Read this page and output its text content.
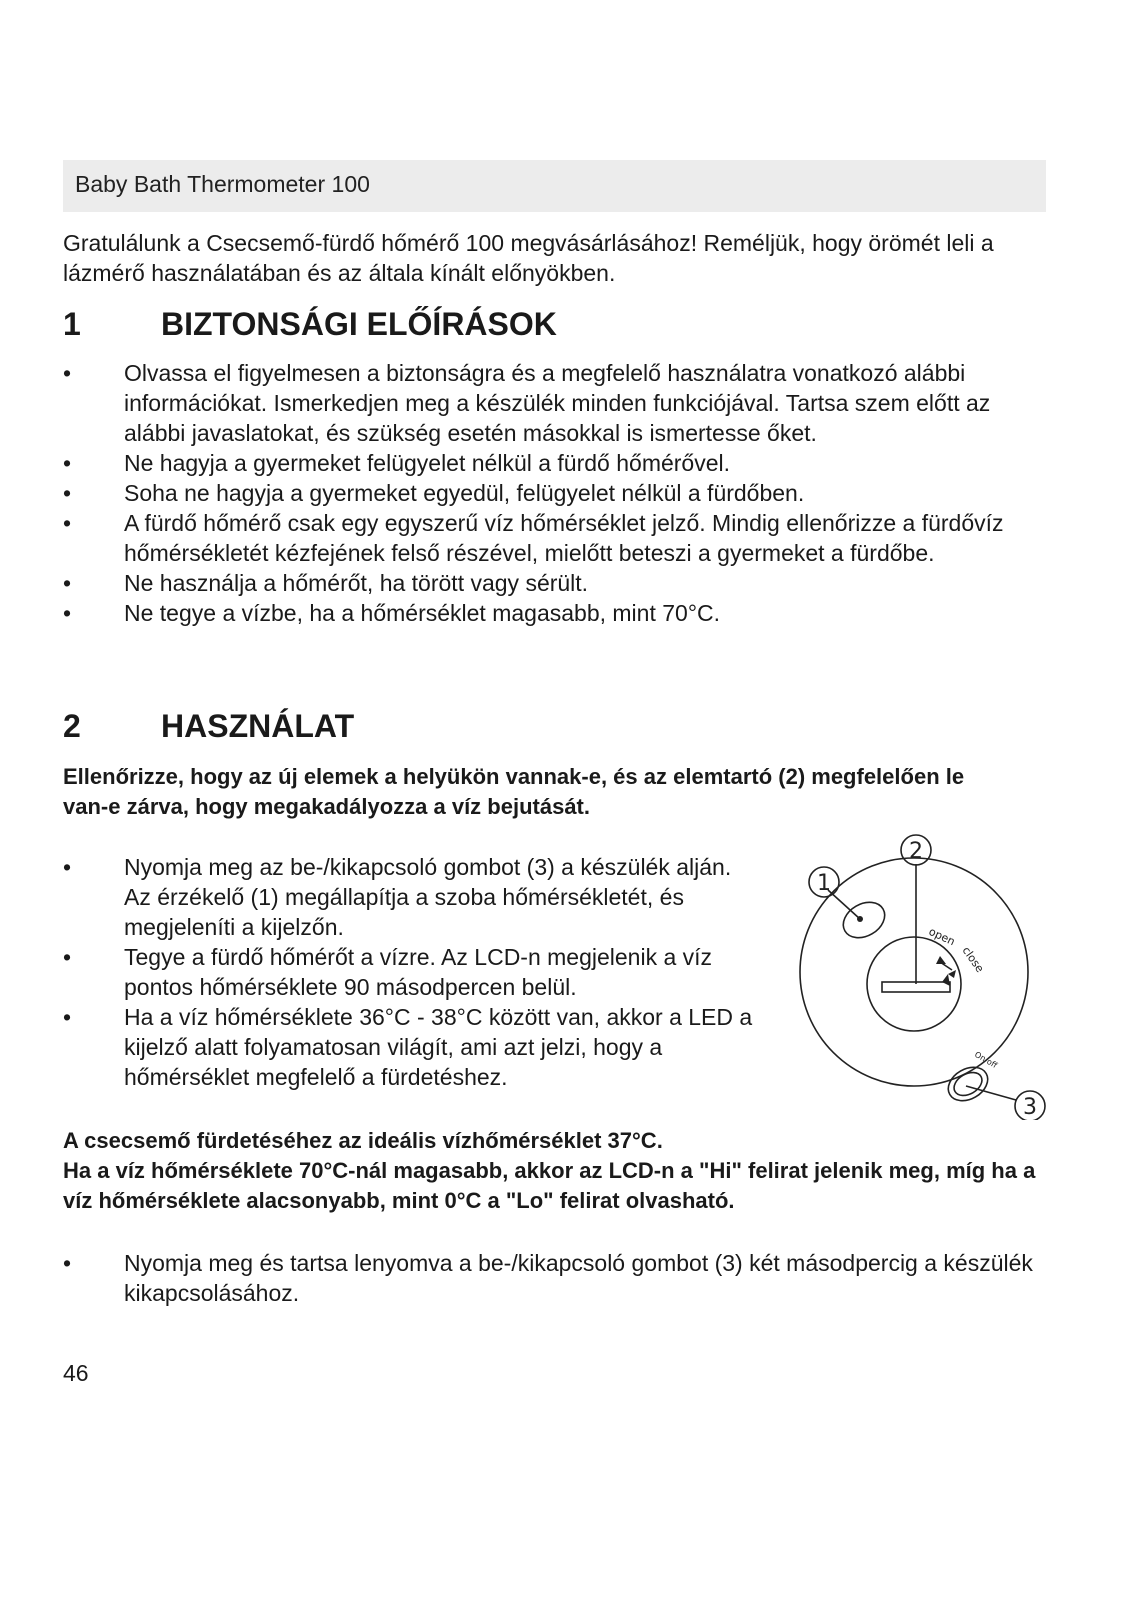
Baby Bath Thermometer 100
Gratulálunk a Csecsemő-fürdő hőmérő 100 megvásárlásához! Reméljük, hogy örömét leli a lázmérő használatában és az általa kínált előnyökben.
1	BIZTONSÁGI ELŐÍRÁSOK
• Olvassa el figyelmesen a biztonságra és a megfelelő használatra vonatkozó alábbi információkat. Ismerkedjen meg a készülék minden funkciójával. Tartsa szem előtt az alábbi javaslatokat, és szükség esetén másokkal is ismertesse őket.
• Ne hagyja a gyermeket felügyelet nélkül a fürdő hőmérővel.
• Soha ne hagyja a gyermeket egyedül, felügyelet nélkül a fürdőben.
• A fürdő hőmérő csak egy egyszerű víz hőmérséklet jelző. Mindig ellenőrizze a fürdővíz hőmérsékletét kézfejének felső részével, mielőtt beteszi a gyermeket a fürdőbe.
• Ne használja a hőmérőt, ha törött vagy sérült.
• Ne tegye a vízbe, ha a hőmérséklet magasabb, mint 70°C.
2	HASZNÁLAT
Ellenőrizze, hogy az új elemek a helyükön vannak-e, és az elemtartó (2) megfelelően le van-e zárva, hogy megakadályozza a víz bejutását.
• Nyomja meg az be-/kikapcsoló gombot (3) a készülék alján. Az érzékelő (1) megállapítja a szoba hőmérsékletét, és megjeleníti a kijelzőn.
• Tegye a fürdő hőmérőt a vízre. Az LCD-n megjelenik a víz pontos hőmérséklete 90 másodpercen belül.
• Ha a víz hőmérséklete 36°C - 38°C között van, akkor a LED a kijelző alatt folyamatosan világít, ami azt jelzi, hogy a hőmérséklet megfelelő a fürdetéshez.
1
2
3
open
close
On/off
A csecsemő fürdetéséhez az ideális vízhőmérséklet 37°C.
Ha a víz hőmérséklete 70°C-nál magasabb, akkor az LCD-n a "Hi" felirat jelenik meg, míg ha a víz hőmérséklete alacsonyabb, mint 0°C a "Lo" felirat olvasható.
• Nyomja meg és tartsa lenyomva a be-/kikapcsoló gombot (3) két másodpercig a készülék kikapcsolásához.
46
